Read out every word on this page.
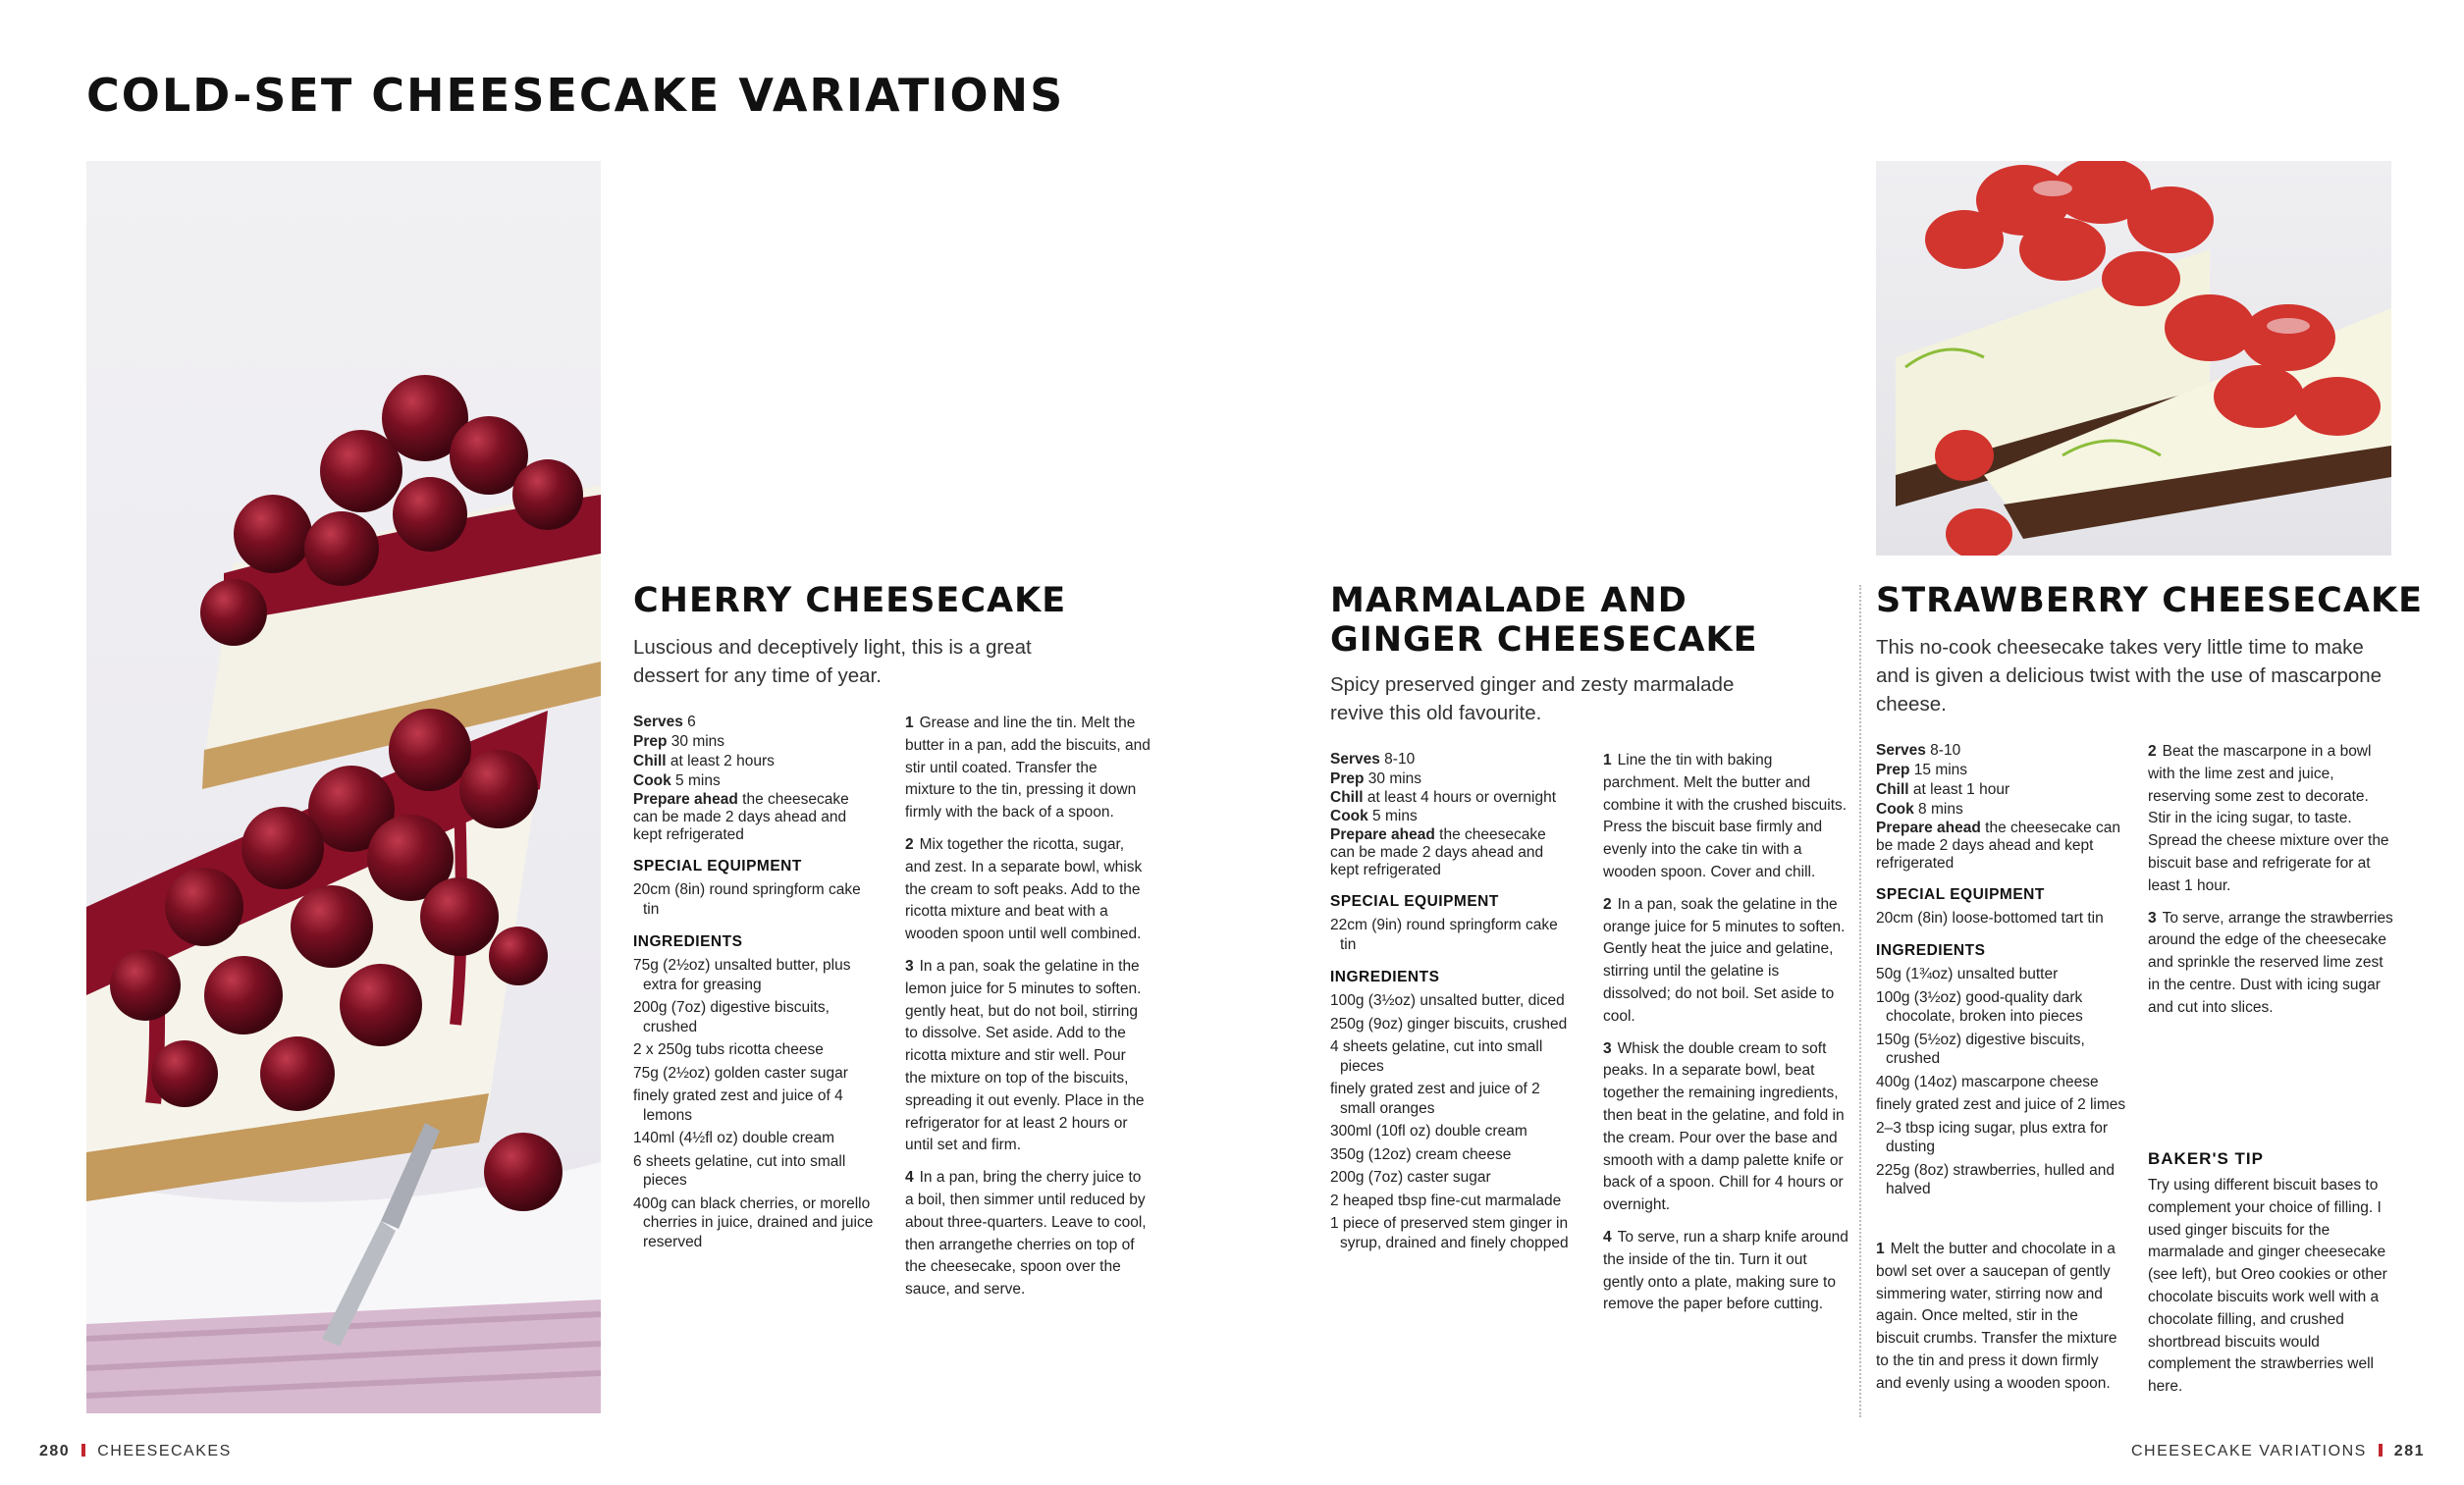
COLD-SET CHEESECAKE VARIATIONS
CHERRY CHEESECAKE

Luscious and deceptively light, this is a great dessert for any time of year.

Serves 6
Prep 30 mins
Chill at least 2 hours
Cook 5 mins
Prepare ahead the cheesecake can be made 2 days ahead and kept refrigerated
SPECIAL EQUIPMENT
20cm (8in) round springform cake tin
INGREDIENTS
75g (2½oz) unsalted butter, plus extra for greasing
200g (7oz) digestive biscuits, crushed
2 x 250g tubs ricotta cheese
75g (2½oz) golden caster sugar
finely grated zest and juice of 4 lemons
140ml (4½fl oz) double cream
6 sheets gelatine, cut into small pieces
400g can black cherries, or morello cherries in juice, drained and juice reserved
1 Grease and line the tin. Melt the butter in a pan, add the biscuits, and stir until coated. Transfer the mixture to the tin, pressing it down firmly with the back of a spoon.
2 Mix together the ricotta, sugar, and zest. In a separate bowl, whisk the cream to soft peaks. Add to the ricotta mixture and beat with a wooden spoon until well combined.
3 In a pan, soak the gelatine in the lemon juice for 5 minutes to soften. gently heat, but do not boil, stirring to dissolve. Set aside. Add to the ricotta mixture and stir well. Pour the mixture on top of the biscuits, spreading it out evenly. Place in the refrigerator for at least 2 hours or until set and firm.
4 In a pan, bring the cherry juice to a boil, then simmer until reduced by about three-quarters. Leave to cool, then arrangethe cherries on top of the cheesecake, spoon over the sauce, and serve.
MARMALADE AND
GINGER CHEESECAKE

Spicy preserved ginger and zesty marmalade revive this old favourite.

Serves 8-10
Prep 30 mins
Chill at least 4 hours or overnight
Cook 5 mins
Prepare ahead the cheesecake can be made 2 days ahead and kept refrigerated
SPECIAL EQUIPMENT
22cm (9in) round springform cake tin
INGREDIENTS
100g (3½oz) unsalted butter, diced
250g (9oz) ginger biscuits, crushed
4 sheets gelatine, cut into small pieces
finely grated zest and juice of 2 small oranges
300ml (10fl oz) double cream
350g (12oz) cream cheese
200g (7oz) caster sugar
2 heaped tbsp fine-cut marmalade
1 piece of preserved stem ginger in syrup, drained and finely chopped
1 Line the tin with baking parchment. Melt the butter and combine it with the crushed biscuits. Press the biscuit base firmly and evenly into the cake tin with a wooden spoon. Cover and chill.
2 In a pan, soak the gelatine in the orange juice for 5 minutes to soften. Gently heat the juice and gelatine, stirring until the gelatine is dissolved; do not boil. Set aside to cool.
3 Whisk the double cream to soft peaks. In a separate bowl, beat together the remaining ingredients, then beat in the gelatine, and fold in the cream. Pour over the base and smooth with a damp palette knife or back of a spoon. Chill for 4 hours or overnight.
4 To serve, run a sharp knife around the inside of the tin. Turn it out gently onto a plate, making sure to remove the paper before cutting.
STRAWBERRY CHEESECAKE

This no-cook cheesecake takes very little time to make and is given a delicious twist with the use of mascarpone cheese.

Serves 8-10
Prep 15 mins
Chill at least 1 hour
Cook 8 mins
Prepare ahead the cheesecake can be made 2 days ahead and kept refrigerated
SPECIAL EQUIPMENT
20cm (8in) loose-bottomed tart tin
INGREDIENTS
50g (1¾oz) unsalted butter
100g (3½oz) good-quality dark chocolate, broken into pieces
150g (5½oz) digestive biscuits, crushed
400g (14oz) mascarpone cheese
finely grated zest and juice of 2 limes
2–3 tbsp icing sugar, plus extra for dusting
225g (8oz) strawberries, hulled and halved
1 Melt the butter and chocolate in a bowl set over a saucepan of gently simmering water, stirring now and again. Once melted, stir in the biscuit crumbs. Transfer the mixture to the tin and press it down firmly and evenly using a wooden spoon.
2 Beat the mascarpone in a bowl with the lime zest and juice, reserving some zest to decorate. Stir in the icing sugar, to taste. Spread the cheese mixture over the biscuit base and refrigerate for at least 1 hour.
3 To serve, arrange the strawberries around the edge of the cheesecake and sprinkle the reserved lime zest in the centre. Dust with icing sugar and cut into slices.
BAKER'S TIP
Try using different biscuit bases to complement your choice of filling. I used ginger biscuits for the marmalade and ginger cheesecake (see left), but Oreo cookies or other chocolate biscuits work well with a chocolate filling, and crushed shortbread biscuits would complement the strawberries well here.
280 CHEESECAKES	CHEESECAKE VARIATIONS 281
